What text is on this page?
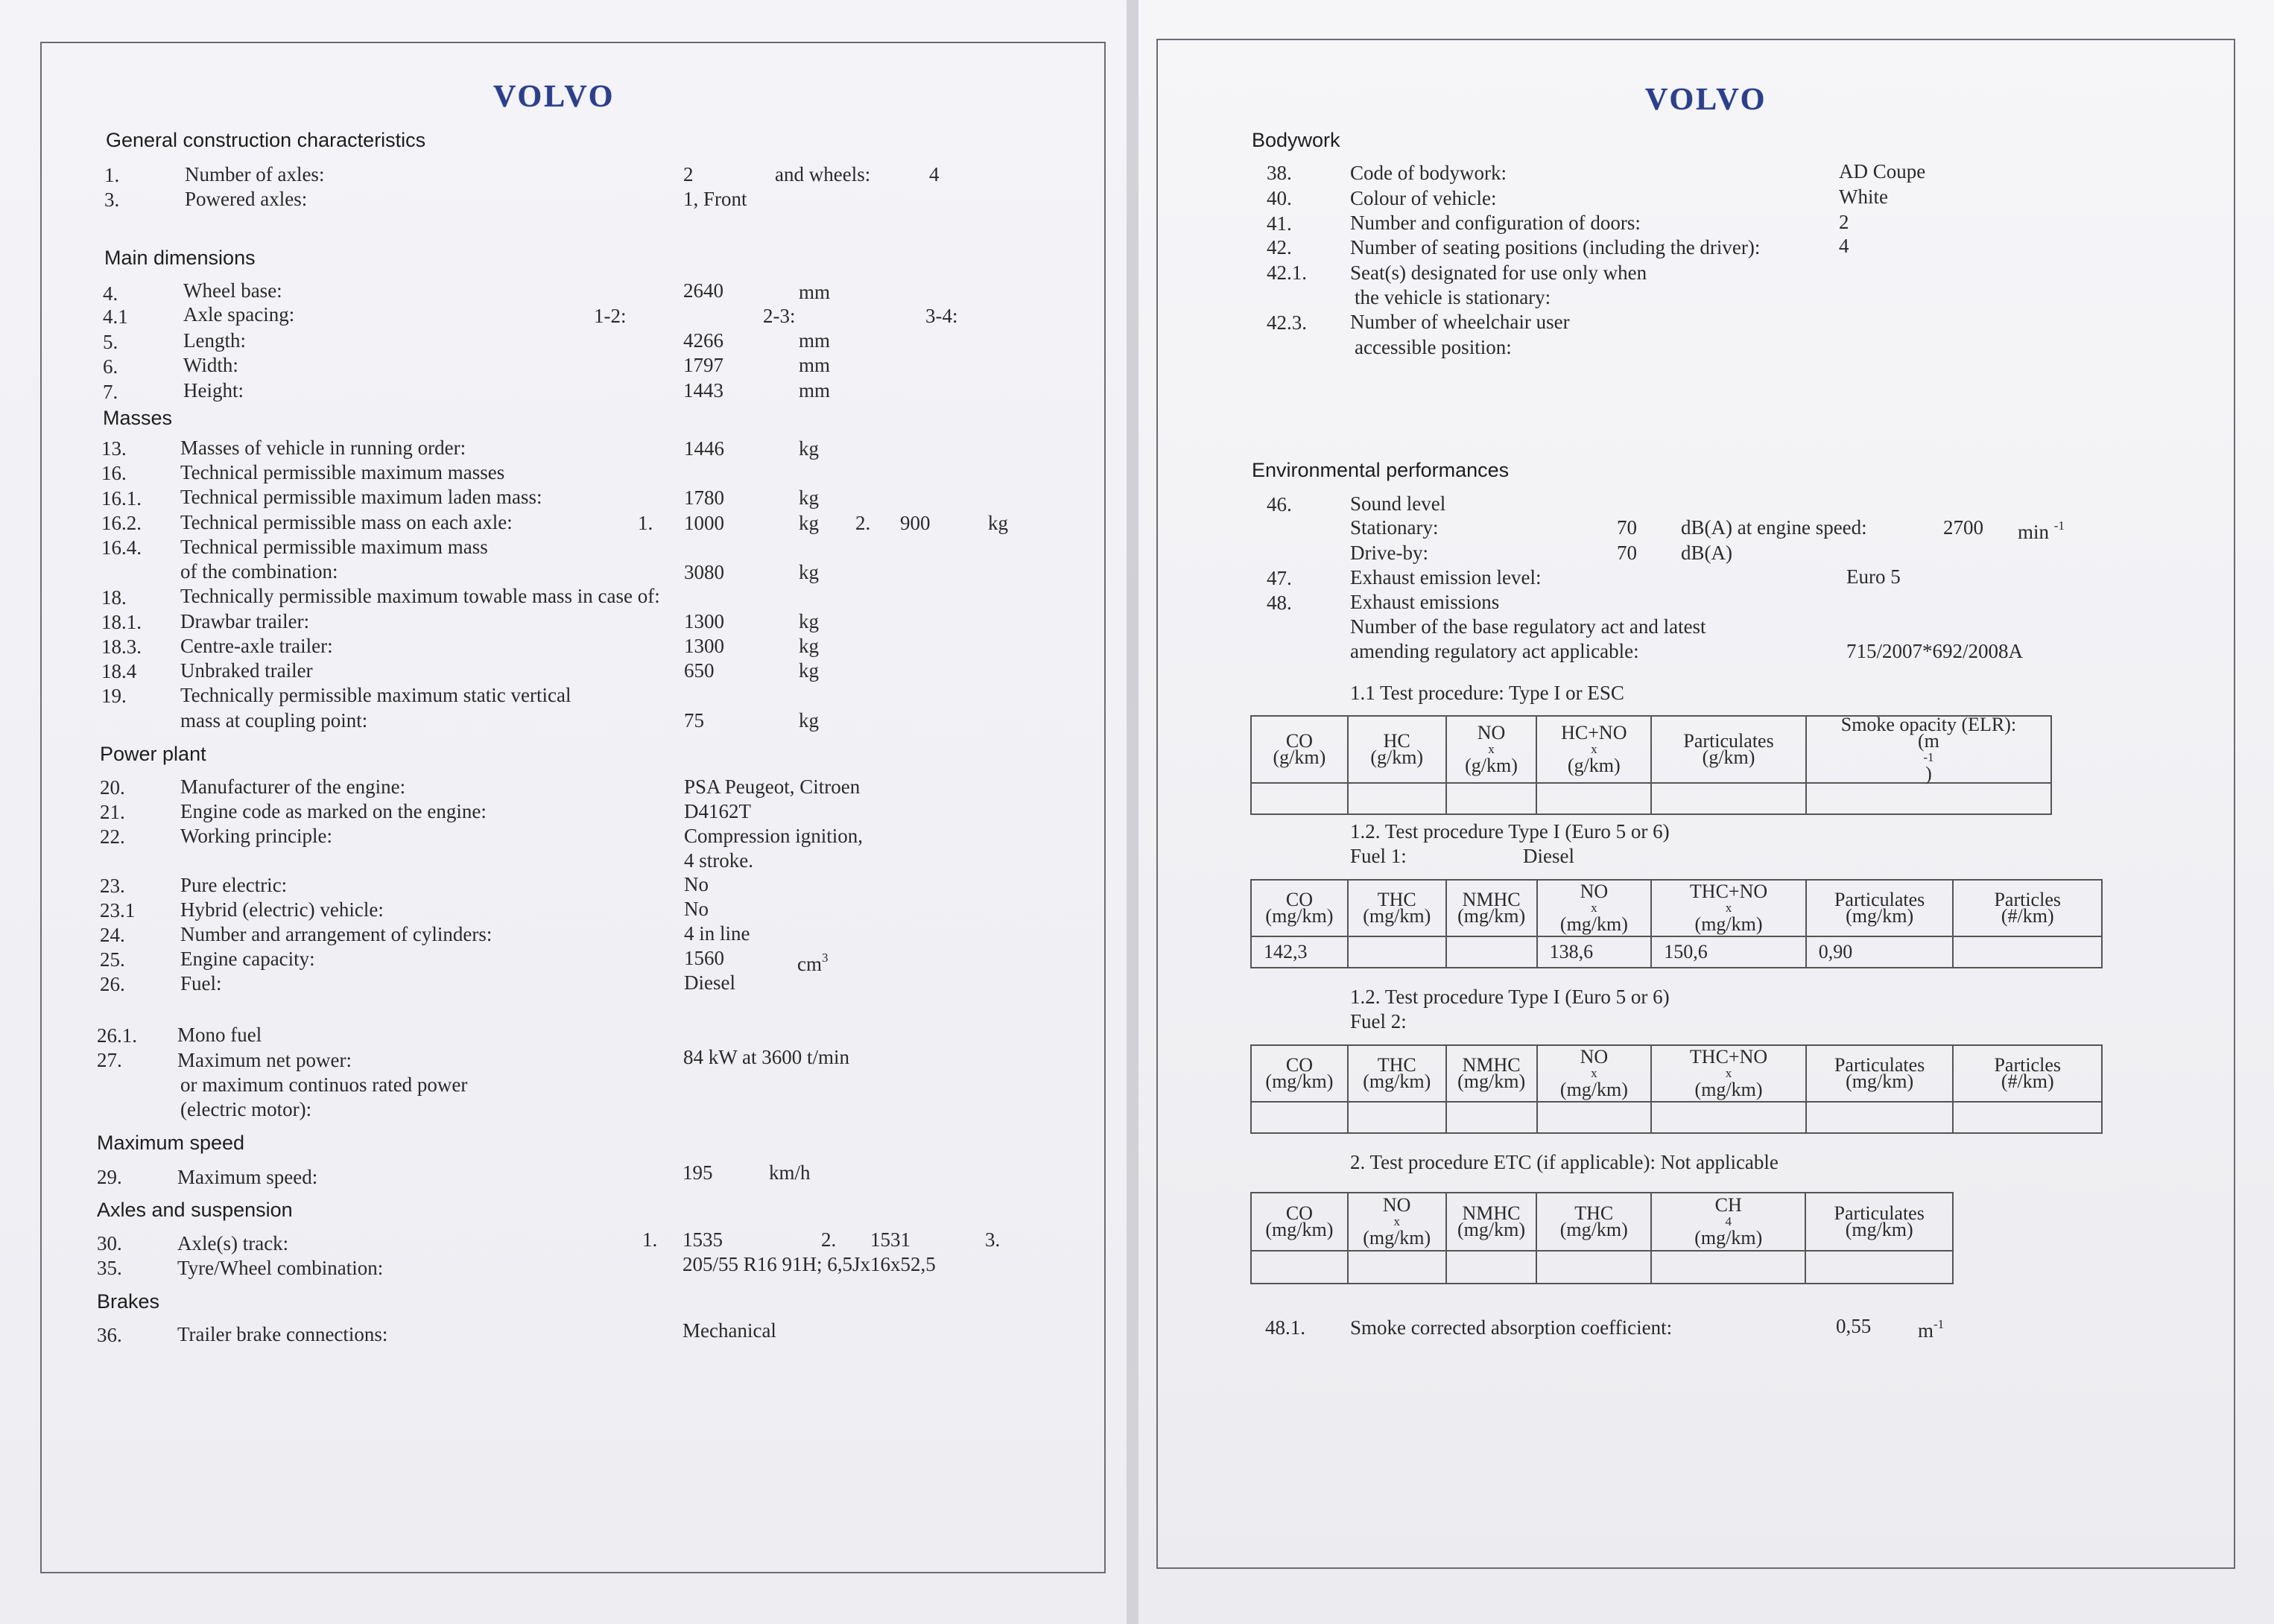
VOLVO
General construction characteristics
1.	Number of axles:	2	and wheels:	4
3.	Powered axles:	1, Front
Main dimensions
4.	Wheel base:	2640	mm
4.1	Axle spacing:	1-2:	2-3:	3-4:
5.	Length:	4266	mm
6.	Width:	1797	mm
7.	Height:	1443	mm
Masses
13.	Masses of vehicle in running order:	1446	kg
16.	Technical permissible maximum masses
16.1. Technical permissible maximum laden mass:	1780	kg
16.2. Technical permissible mass on each axle:	1. 1000	kg 2. 900	kg
16.4. Technical permissible maximum mass
of the combination:	3080	kg
18.	Technically permissible maximum towable mass in case of:
18.1. Drawbar trailer:	1300	kg
18.3. Centre-axle trailer:	1300	kg
18.4 Unbraked trailer	650	kg
19.	Technically permissible maximum static vertical
mass at coupling point:	75	kg
Power plant
20.	Manufacturer of the engine:	PSA Peugeot, Citroen
21.	Engine code as marked on the engine:	D4162T
22.	Working principle:	Compression ignition,
4 stroke.
23.	Pure electric:	No
23.1 Hybrid (electric) vehicle:	No
24.	Number and arrangement of cylinders:	4 in line
25.	Engine capacity:	1560	$cm^3$
26.	Fuel:	Diesel
26.1. Mono fuel
27.	Maximum net power:
or maximum continuos rated power
(electric motor):
84 kW at 3600 t/min
Maximum speed
29.	Maximum speed:	195	km/h
Axles and suspension
30.	Axle(s) track:	1. 1535	2. 1531	3.
35.	Tyre/Wheel combination:	205/55 R16 91H; 6,5Jx16x52,5
Brakes
36.	Trailer brake connections:	Mechanical
VOLVO
Bodywork
38.	Code of bodywork:	AD Coupe
40.	Colour of vehicle:	White
41.	Number and configuration of doors:	2
42.	Number of seating positions (including the driver):	4
42.1. Seat(s) designated for use only when
the vehicle is stationary:
42.3. Number of wheelchair user
accessible position:
Environmental performances
46.	Sound level
Stationary:	70 dB(A) at engine speed:	2700 min $^{-1}$
Drive-by:	70 dB(A)
47.	Exhaust emission level:	Euro 5
48.	Exhaust emissions
Number of the base regulatory act and latest
amending regulatory act applicable:	715/2007*692/2008A
1.1 Test procedure: Type I or ESC
CO
(g/km)	HC
(g/km)	NO
x
(g/km)	HC+NO
x
(g/km)	Particulates
(g/km)	Smoke opacity (ELR):
(m
-1
)

1.2. Test procedure Type I (Euro 5 or 6)
Fuel 1:	Diesel
CO
(mg/km)	THC
(mg/km)	NMHC
(mg/km)	NO
x
(mg/km)	THC+NO
x
(mg/km)	Particulates
(mg/km)	Particles
(#/km)

142,3			138,6	150,6	0,90	
1.2. Test procedure Type I (Euro 5 or 6)
Fuel 2:
CO
(mg/km)	THC
(mg/km)	NMHC
(mg/km)	NO
x
(mg/km)	THC+NO
x
(mg/km)	Particulates
(mg/km)	Particles
(#/km)

2. Test procedure ETC (if applicable): Not applicable
CO
(mg/km)	NO
x
(mg/km)	NMHC
(mg/km)	THC
(mg/km)	CH
4
(mg/km)	Particulates
(mg/km)

48.1. Smoke corrected absorption coefficient:	0,55 $m^{-1}$
